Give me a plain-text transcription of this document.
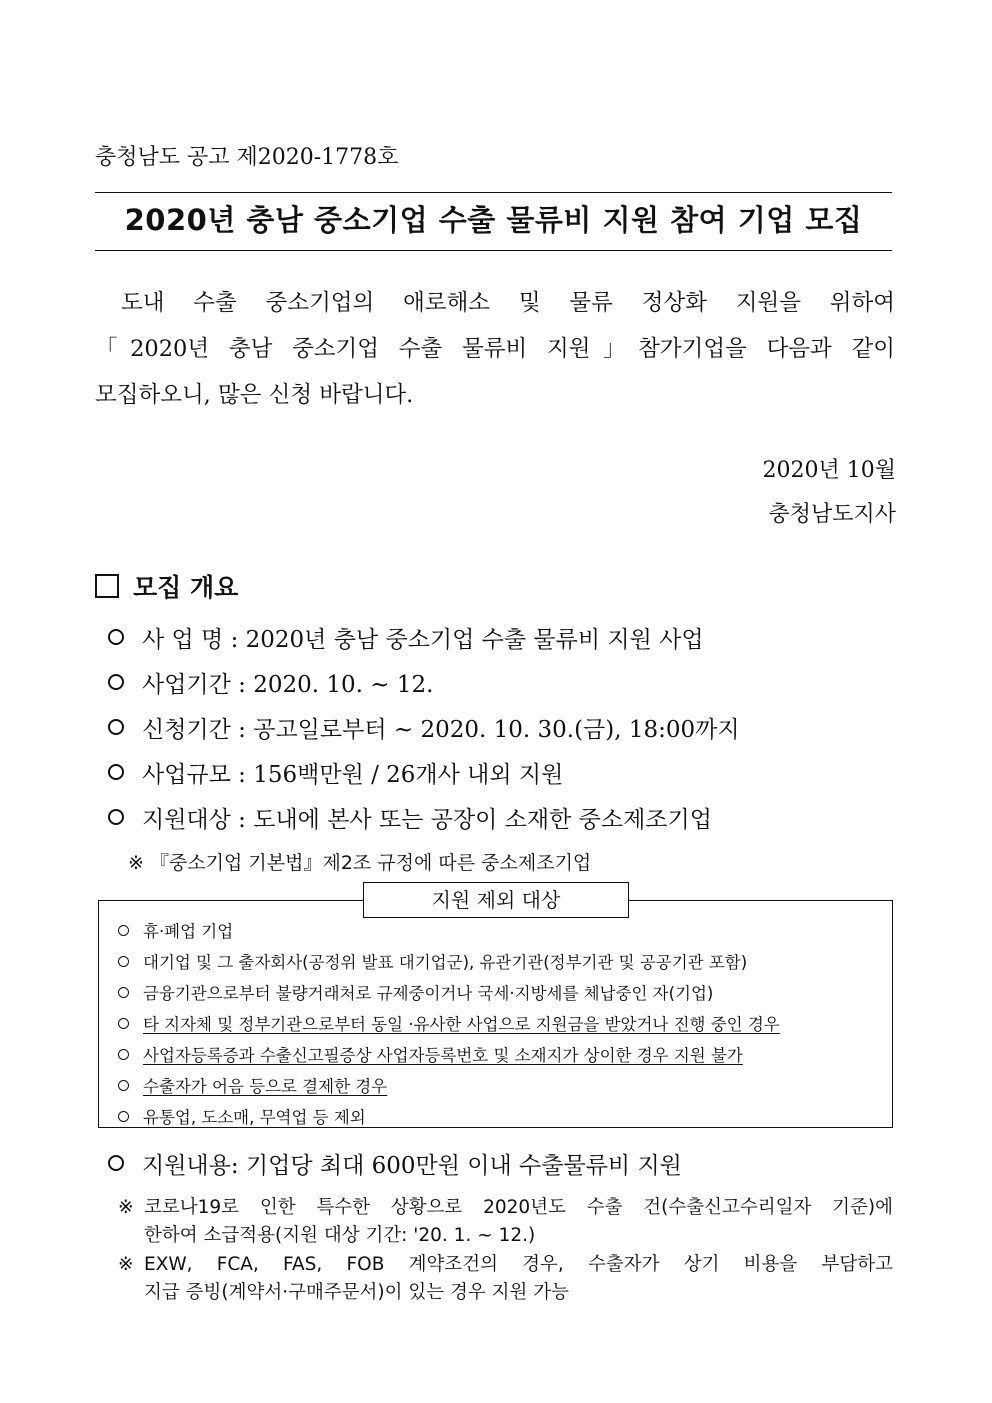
충청남도 공고 제2020-1778호
2020년 충남 중소기업 수출 물류비 지원 참여 기업 모집
도내 수출 중소기업의 애로해소 및 물류 정상화 지원을 위하여
「2020년 충남 중소기업 수출 물류비 지원」참가기업을 다음과 같이
모집하오니, 많은 신청 바랍니다.
2020년 10월
충청남도지사
모집 개요
사 업 명 : 2020년 충남 중소기업 수출 물류비 지원 사업
사업기간 : 2020. 10. ~ 12.
신청기간 : 공고일로부터 ~ 2020. 10. 30.(금), 18:00까지
사업규모 : 156백만원 / 26개사 내외 지원
지원대상 : 도내에 본사 또는 공장이 소재한 중소제조기업
※ 『중소기업 기본법』제2조 규정에 따른 중소제조기업
지원 제외 대상
휴·폐업 기업
대기업 및 그 출자회사(공정위 발표 대기업군), 유관기관(정부기관 및 공공기관 포함)
금융기관으로부터 불량거래처로 규제중이거나 국세·지방세를 체납중인 자(기업)
타 지자체 및 정부기관으로부터 동일 ·유사한 사업으로 지원금을 받았거나 진행 중인 경우
사업자등록증과 수출신고필증상 사업자등록번호 및 소재지가 상이한 경우 지원 불가
수출자가 어음 등으로 결제한 경우
유통업, 도소매, 무역업 등 제외
지원내용: 기업당 최대 600만원 이내 수출물류비 지원
※ 코로나19로 인한 특수한 상황으로 2020년도 수출 건(수출신고수리일자 기준)에
한하여 소급적용(지원 대상 기간: '20. 1. ~ 12.)
※ EXW, FCA, FAS, FOB 계약조건의 경우, 수출자가 상기 비용을 부담하고
지급 증빙(계약서·구매주문서)이 있는 경우 지원 가능
